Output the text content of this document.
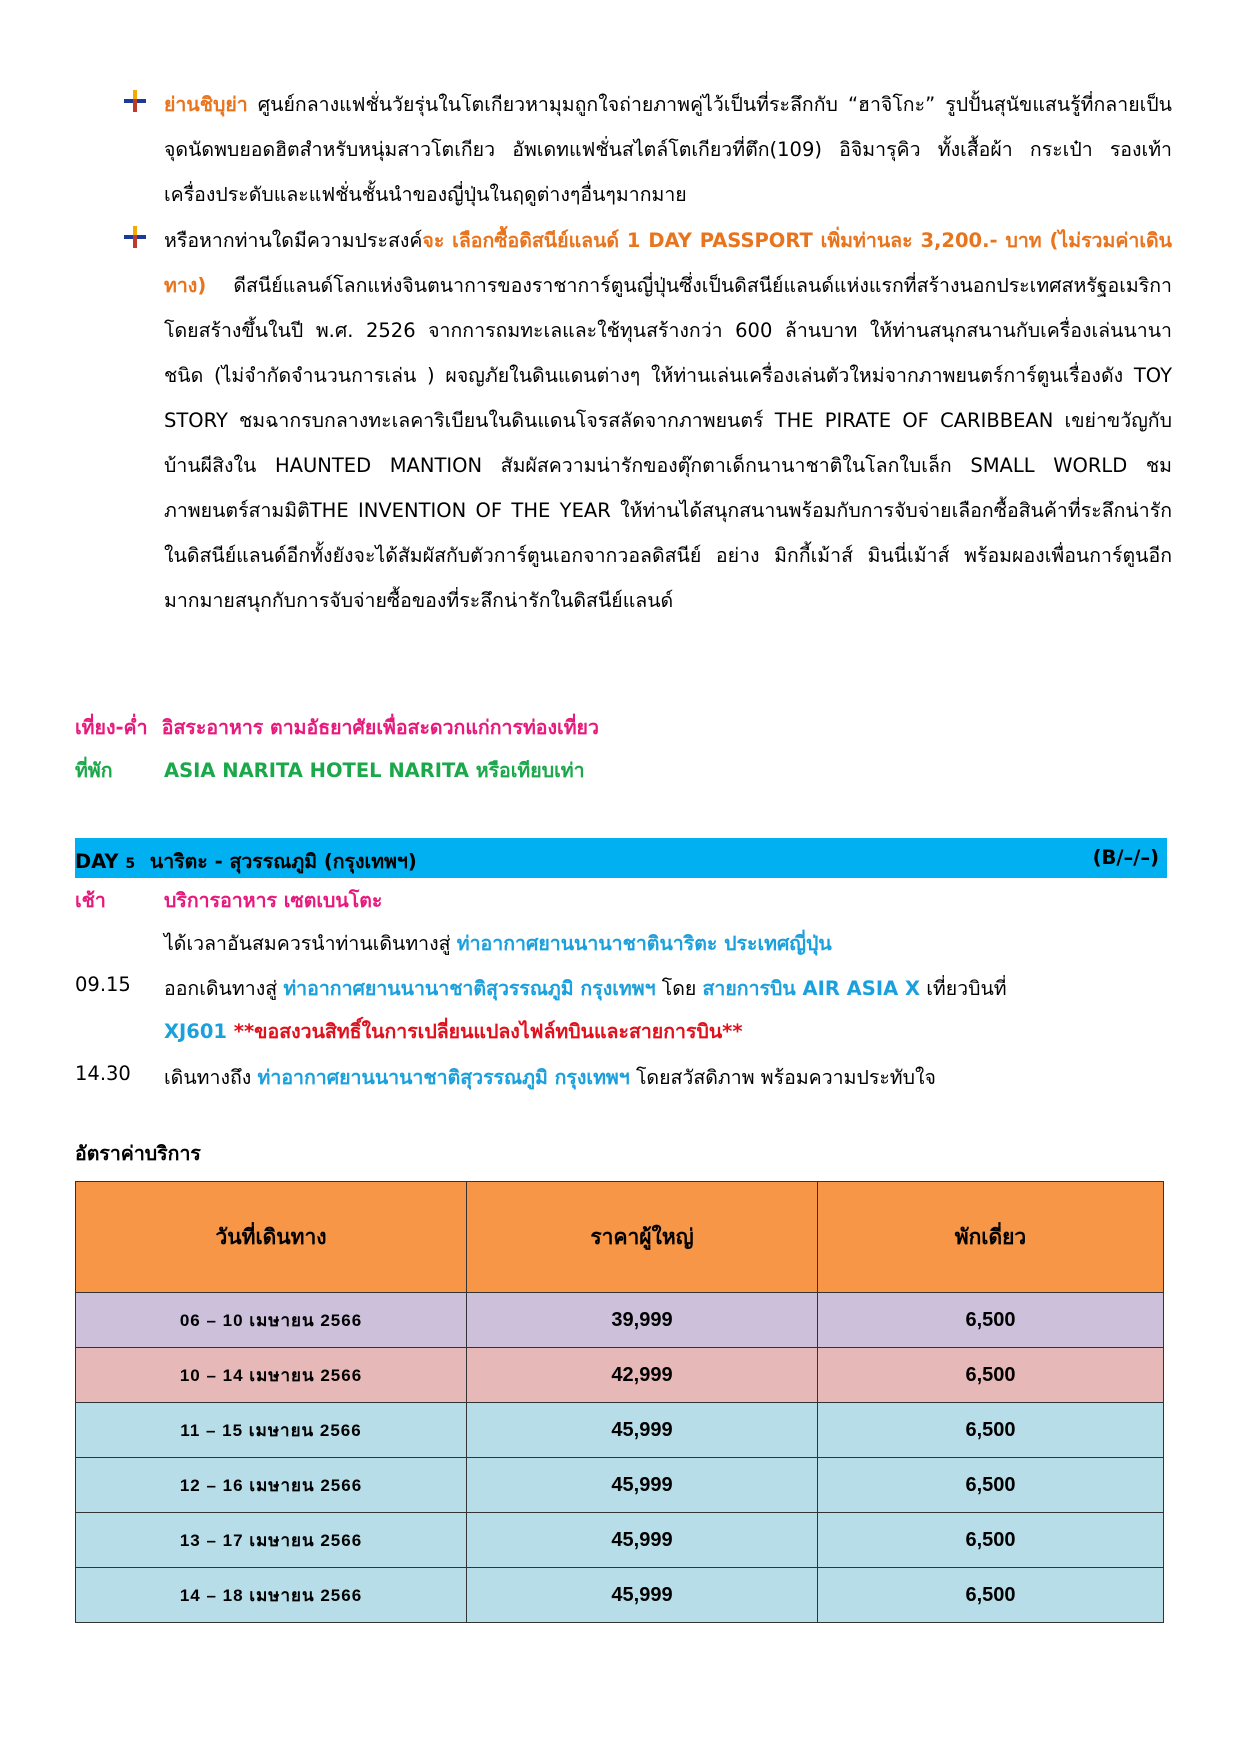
ย่านชิบุย่า ศูนย์กลางแฟชั่นวัยรุ่นในโตเกียวหามุมถูกใจถ่ายภาพคู่ไว้เป็นที่ระลึกกับ “ฮาจิโกะ” รูปปั้นสุนัขแสนรู้ที่กลายเป็นจุดนัดพบยอดฮิตสำหรับหนุ่มสาวโตเกียว อัพเดทแฟชั่นสไตล์โตเกียวที่ตึก(109) อิจิมารุคิว ทั้งเสื้อผ้า กระเป๋า รองเท้า เครื่องประดับและแฟชั่นชั้นนำของญี่ปุ่นในฤดูต่างๆอื่นๆมากมาย
หรือหากท่านใดมีความประสงค์จะ เลือกซื้อดิสนีย์แลนด์ 1 DAY PASSPORT เพิ่มท่านละ 3,200.- บาท (ไม่รวมค่าเดินทาง) ดีสนีย์แลนด์โลกแห่งจินตนาการของราชาการ์ตูนญี่ปุ่นซึ่งเป็นดิสนีย์แลนด์แห่งแรกที่สร้างนอกประเทศสหรัฐอเมริกา โดยสร้างขึ้นในปี พ.ศ. 2526 จากการถมทะเลและใช้ทุนสร้างกว่า 600 ล้านบาท ให้ท่านสนุกสนานกับเครื่องเล่นนานาชนิด (ไม่จำกัดจำนวนการเล่น ) ผจญภัยในดินแดนต่างๆ ให้ท่านเล่นเครื่องเล่นตัวใหม่จากภาพยนตร์การ์ตูนเรื่องดัง TOY STORY ชมฉากรบกลางทะเลคาริเบียนในดินแดนโจรสลัดจากภาพยนตร์ THE PIRATE OF CARIBBEAN เขย่าขวัญกับบ้านผีสิงใน HAUNTED MANTION สัมผัสความน่ารักของตุ๊กตาเด็กนานาชาติในโลกใบเล็ก SMALL WORLD ชมภาพยนตร์สามมิติTHE INVENTION OF THE YEAR ให้ท่านได้สนุกสนานพร้อมกับการจับจ่ายเลือกซื้อสินค้าที่ระลึกน่ารักในดิสนีย์แลนด์อีกทั้งยังจะได้สัมผัสกับตัวการ์ตูนเอกจากวอลดิสนีย์ อย่าง มิกกี้เม้าส์ มินนี่เม้าส์ พร้อมผองเพื่อนการ์ตูนอีกมากมายสนุกกับการจับจ่ายซื้อของที่ระลึกน่ารักในดิสนีย์แลนด์
เที่ยง-ค่ำ อิสระอาหาร ตามอัธยาศัยเพื่อสะดวกแก่การท่องเที่ยว
ที่พัก	ASIA NARITA HOTEL NARITA หรือเทียบเท่า
DAY 5 นาริตะ - สุวรรณภูมิ (กรุงเทพฯ)	(B/–/–)
เช้า	บริการอาหาร เซตเบนโตะ
ได้เวลาอันสมควรนำท่านเดินทางสู่ ท่าอากาศยานนานาชาตินาริตะ ประเทศญี่ปุ่น
09.15 ออกเดินทางสู่ ท่าอากาศยานนานาชาติสุวรรณภูมิ กรุงเทพฯ โดย สายการบิน AIR ASIA X เที่ยวบินที่
XJ601 **ขอสงวนสิทธิ์ในการเปลี่ยนแปลงไฟล์ทบินและสายการบิน**
14.30 เดินทางถึง ท่าอากาศยานนานาชาติสุวรรณภูมิ กรุงเทพฯ โดยสวัสดิภาพ พร้อมความประทับใจ
อัตราค่าบริการ
วันที่เดินทาง	ราคาผู้ใหญ่	พักเดี่ยว
06 – 10 เมษายน 2566	39,999	6,500
10 – 14 เมษายน 2566	42,999	6,500
11 – 15 เมษายน 2566	45,999	6,500
12 – 16 เมษายน 2566	45,999	6,500
13 – 17 เมษายน 2566	45,999	6,500
14 – 18 เมษายน 2566	45,999	6,500
